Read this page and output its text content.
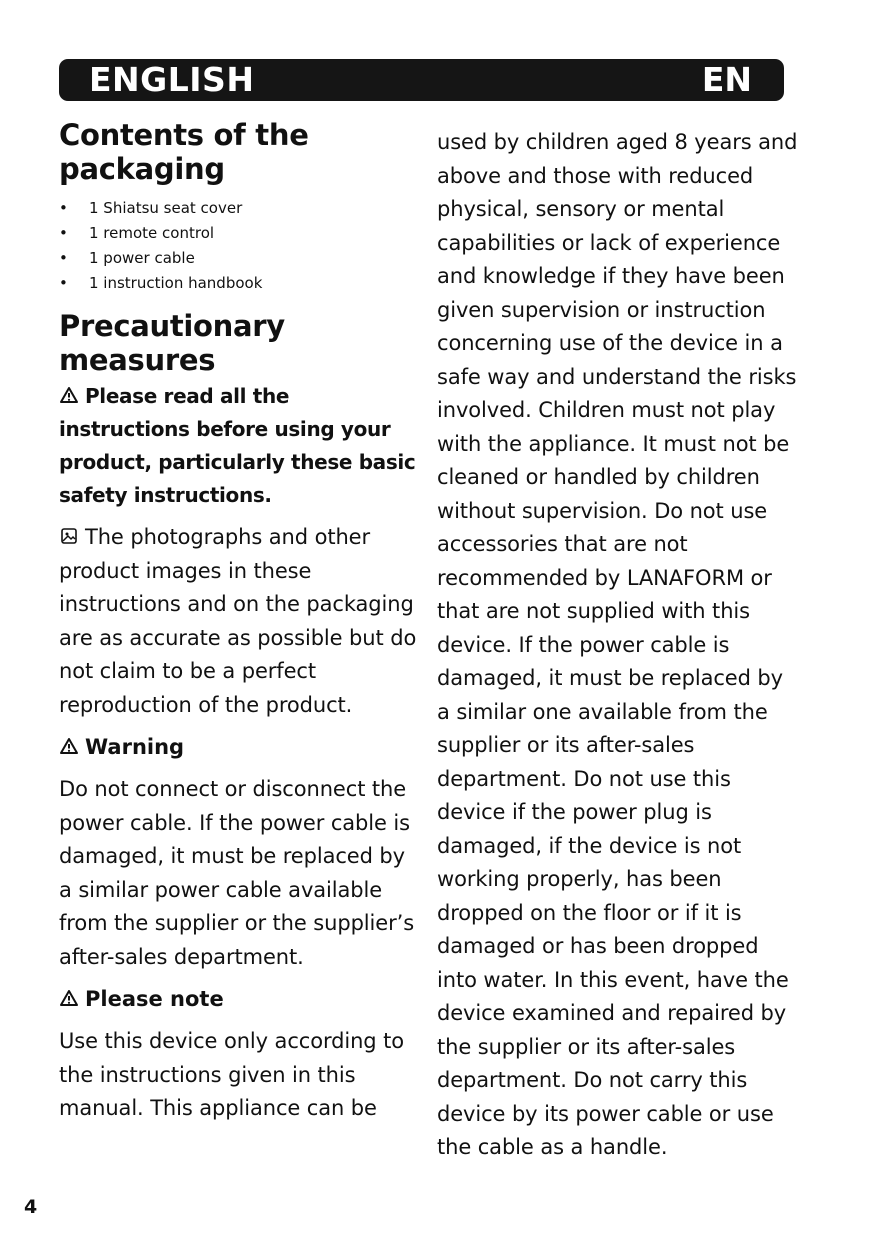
ENGLISH	EN
Contents of the packaging
• 1 Shiatsu seat cover
• 1 remote control
• 1 power cable
• 1 instruction handbook
Precautionary measures
Please read all the instructions before using your product, particularly these basic safety instructions.
The photographs and other product images in these instructions and on the packaging are as accurate as possible but do not claim to be a perfect reproduction of the product.
Warning
Do not connect or disconnect the power cable. If the power cable is damaged, it must be replaced by a similar power cable available from the supplier or the supplier’s after-sales department.
Please note
Use this device only according to the instructions given in this manual. This appliance can be
used by children aged 8 years and above and those with reduced physical, sensory or mental capabilities or lack of experience and knowledge if they have been given supervision or instruction concerning use of the device in a safe way and understand the risks involved. Children must not play with the appliance. It must not be cleaned or handled by children without supervision. Do not use accessories that are not recommended by LANAFORM or that are not supplied with this device. If the power cable is damaged, it must be replaced by a similar one available from the supplier or its after-sales department. Do not use this device if the power plug is damaged, if the device is not working properly, has been dropped on the floor or if it is damaged or has been dropped into water. In this event, have the device examined and repaired by the supplier or its after-sales department. Do not carry this device by its power cable or use the cable as a handle.
4
